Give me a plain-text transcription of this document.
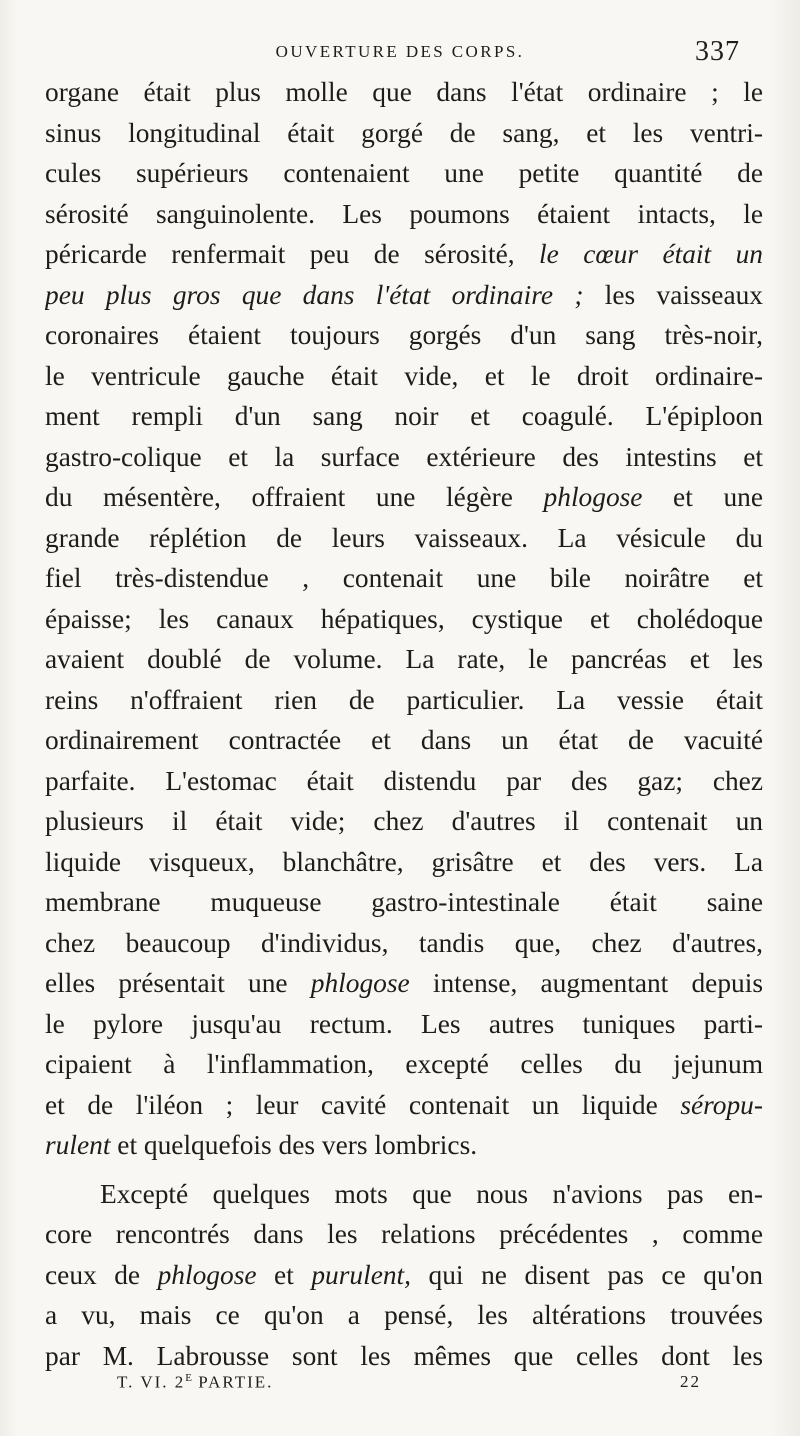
OUVERTURE DES CORPS.	337
organe était plus molle que dans l'état ordinaire ; le
sinus longitudinal était gorgé de sang, et les ventri-
cules supérieurs contenaient une petite quantité de
sérosité sanguinolente. Les poumons étaient intacts, le
péricarde renfermait peu de sérosité, le cœur était un
peu plus gros que dans l'état ordinaire ; les vaisseaux
coronaires étaient toujours gorgés d'un sang très-noir,
le ventricule gauche était vide, et le droit ordinaire-
ment rempli d'un sang noir et coagulé. L'épiploon
gastro-colique et la surface extérieure des intestins et
du mésentère, offraient une légère phlogose et une
grande réplétion de leurs vaisseaux. La vésicule du
fiel très-distendue , contenait une bile noirâtre et
épaisse; les canaux hépatiques, cystique et cholédoque
avaient doublé de volume. La rate, le pancréas et les
reins n'offraient rien de particulier. La vessie était
ordinairement contractée et dans un état de vacuité
parfaite. L'estomac était distendu par des gaz; chez
plusieurs il était vide; chez d'autres il contenait un
liquide visqueux, blanchâtre, grisâtre et des vers. La
membrane muqueuse gastro-intestinale était saine
chez beaucoup d'individus, tandis que, chez d'autres,
elles présentait une phlogose intense, augmentant depuis
le pylore jusqu'au rectum. Les autres tuniques parti-
cipaient à l'inflammation, excepté celles du jejunum
et de l'iléon ; leur cavité contenait un liquide séropu-
rulent et quelquefois des vers lombrics.
Excepté quelques mots que nous n'avions pas en-
core rencontrés dans les relations précédentes , comme
ceux de phlogose et purulent, qui ne disent pas ce qu'on
a vu, mais ce qu'on a pensé, les altérations trouvées
par M. Labrousse sont les mêmes que celles dont les
T. VI. $2^E$ PARTIE.	22
